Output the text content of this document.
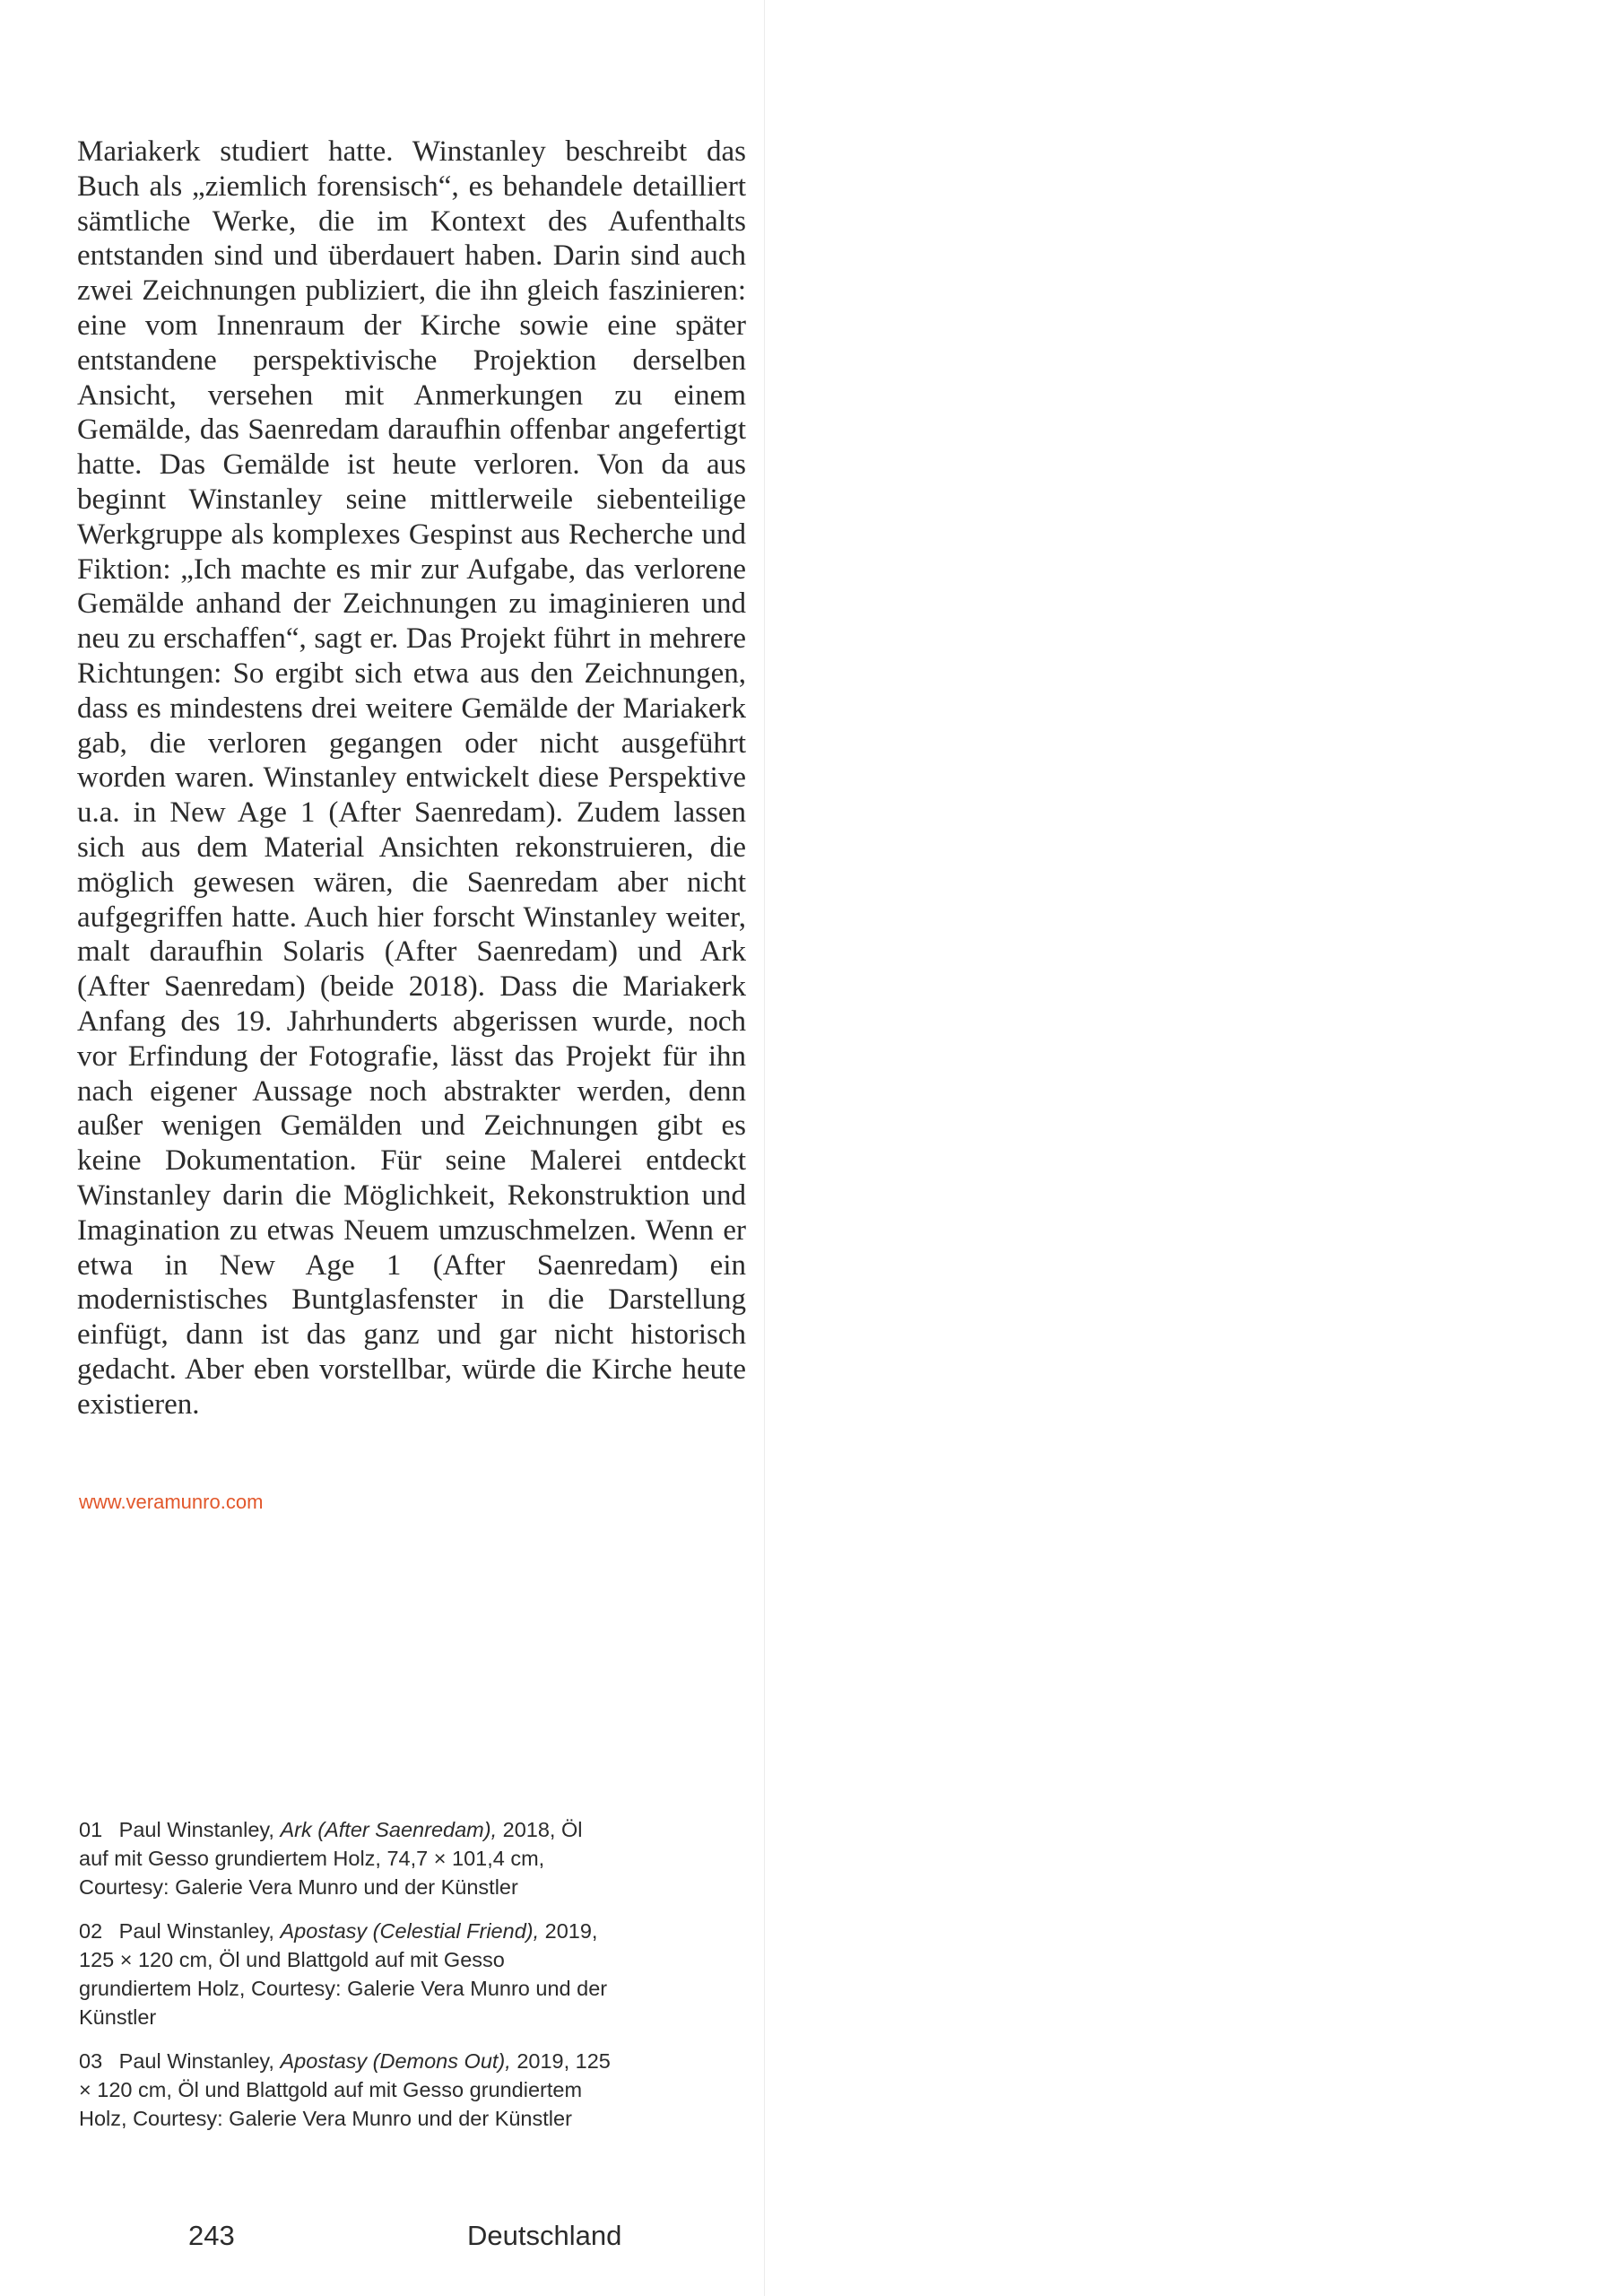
Mariakerk studiert hatte. Winstanley beschreibt das Buch als „ziemlich forensisch“, es behandele detailliert sämtliche Werke, die im Kontext des Aufenthalts entstanden sind und überdauert haben. Darin sind auch zwei Zeichnungen publiziert, die ihn gleich faszinieren: eine vom Innenraum der Kirche sowie eine später entstandene perspektivische Projektion derselben Ansicht, versehen mit Anmerkungen zu einem Gemälde, das Saenredam daraufhin offenbar angefertigt hatte. Das Gemälde ist heute verloren. Von da aus beginnt Winstanley seine mittlerweile siebenteilige Werkgruppe als komplexes Gespinst aus Recherche und Fiktion: „Ich machte es mir zur Aufgabe, das verlorene Gemälde anhand der Zeichnungen zu imaginieren und neu zu erschaffen“, sagt er. Das Projekt führt in mehrere Richtungen: So ergibt sich etwa aus den Zeichnungen, dass es mindestens drei weitere Gemälde der Mariakerk gab, die verloren gegangen oder nicht ausgeführt worden waren. Winstanley entwickelt diese Perspektive u.a. in New Age 1 (After Saenredam). Zudem lassen sich aus dem Material Ansichten rekonstruieren, die möglich gewesen wären, die Saenredam aber nicht aufgegriffen hatte. Auch hier forscht Winstanley weiter, malt daraufhin Solaris (After Saenredam) und Ark (After Saenredam) (beide 2018). Dass die Mariakerk Anfang des 19. Jahrhunderts abgerissen wurde, noch vor Erfindung der Fotografie, lässt das Projekt für ihn nach eigener Aussage noch abstrakter werden, denn außer wenigen Gemälden und Zeichnungen gibt es keine Dokumentation. Für seine Malerei entdeckt Winstanley darin die Möglichkeit, Rekonstruktion und Imagination zu etwas Neuem umzuschmelzen. Wenn er etwa in New Age 1 (After Saenredam) ein modernistisches Buntglasfenster in die Darstellung einfügt, dann ist das ganz und gar nicht historisch gedacht. Aber eben vorstellbar, würde die Kirche heute existieren.

www.veramunro.com

01 Paul Winstanley, Ark (After Saenredam), 2018, Öl auf mit Gesso grundiertem Holz, 74,7 × 101,4 cm, Courtesy: Galerie Vera Munro und der Künstler

02 Paul Winstanley, Apostasy (Celestial Friend), 2019, 125 × 120 cm, Öl und Blattgold auf mit Gesso grundiertem Holz, Courtesy: Galerie Vera Munro und der Künstler

03 Paul Winstanley, Apostasy (Demons Out), 2019, 125 × 120 cm, Öl und Blattgold auf mit Gesso grundiertem Holz, Courtesy: Galerie Vera Munro und der Künstler

243	Deutschland
